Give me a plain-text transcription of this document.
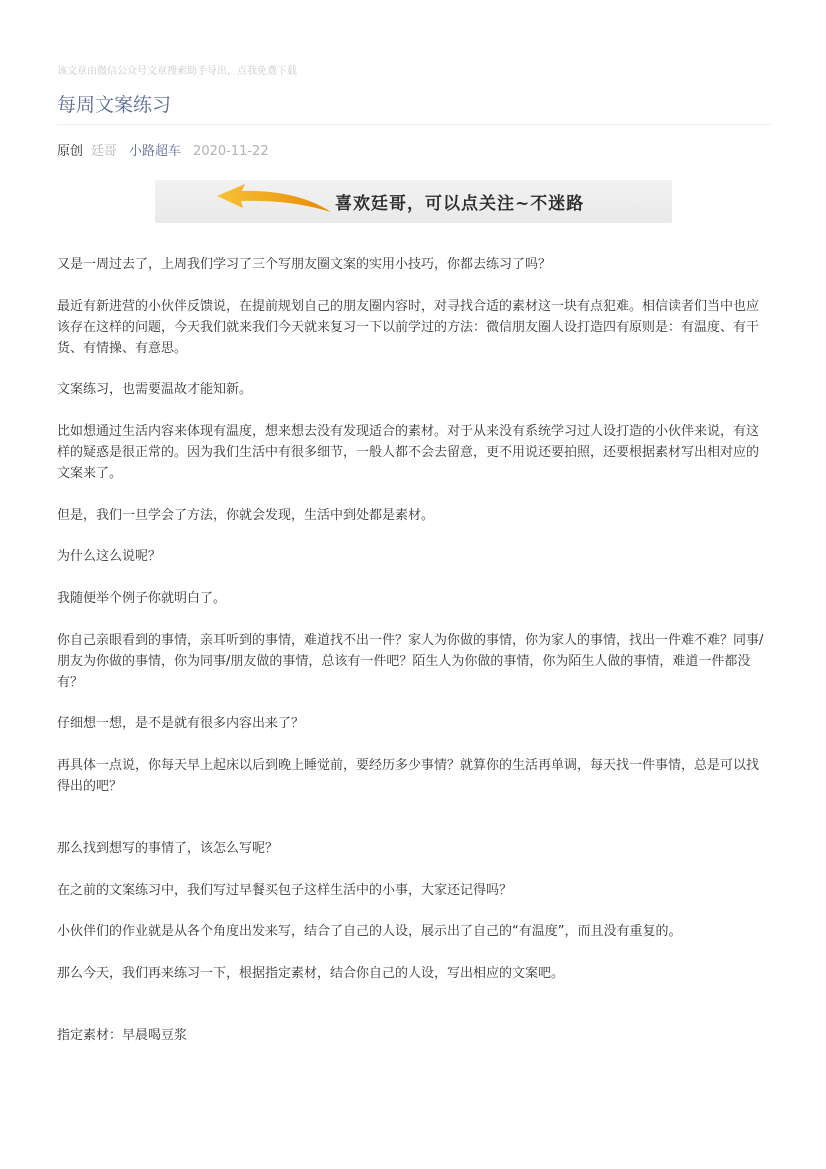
该文章由微信公众号文章搜索助手导出，点我免费下载
每周文案练习
原创 廷哥 小路超车 2020-11-22
喜欢廷哥，可以点关注~不迷路

又是一周过去了，上周我们学习了三个写朋友圈文案的实用小技巧，你都去练习了吗？

最近有新进营的小伙伴反馈说，在提前规划自己的朋友圈内容时，对寻找合适的素材这一块有点犯难。相信读者们当中也应该存在这样的问题，今天我们就来我们今天就来复习一下以前学过的方法：微信朋友圈人设打造四有原则是：有温度、有干货、有情操、有意思。

文案练习，也需要温故才能知新。

比如想通过生活内容来体现有温度，想来想去没有发现适合的素材。对于从来没有系统学习过人设打造的小伙伴来说，有这样的疑惑是很正常的。因为我们生活中有很多细节，一般人都不会去留意，更不用说还要拍照，还要根据素材写出相对应的文案来了。

但是，我们一旦学会了方法，你就会发现，生活中到处都是素材。

为什么这么说呢？

我随便举个例子你就明白了。

你自己亲眼看到的事情，亲耳听到的事情，难道找不出一件？家人为你做的事情，你为家人的事情，找出一件难不难？同事/朋友为你做的事情，你为同事/朋友做的事情，总该有一件吧？陌生人为你做的事情，你为陌生人做的事情，难道一件都没有？

仔细想一想，是不是就有很多内容出来了？

再具体一点说，你每天早上起床以后到晚上睡觉前，要经历多少事情？就算你的生活再单调，每天找一件事情，总是可以找得出的吧？

那么找到想写的事情了，该怎么写呢？

在之前的文案练习中，我们写过早餐买包子这样生活中的小事，大家还记得吗？

小伙伴们的作业就是从各个角度出发来写，结合了自己的人设，展示出了自己的“有温度”，而且没有重复的。

那么今天，我们再来练习一下，根据指定素材，结合你自己的人设，写出相应的文案吧。

指定素材：早晨喝豆浆
